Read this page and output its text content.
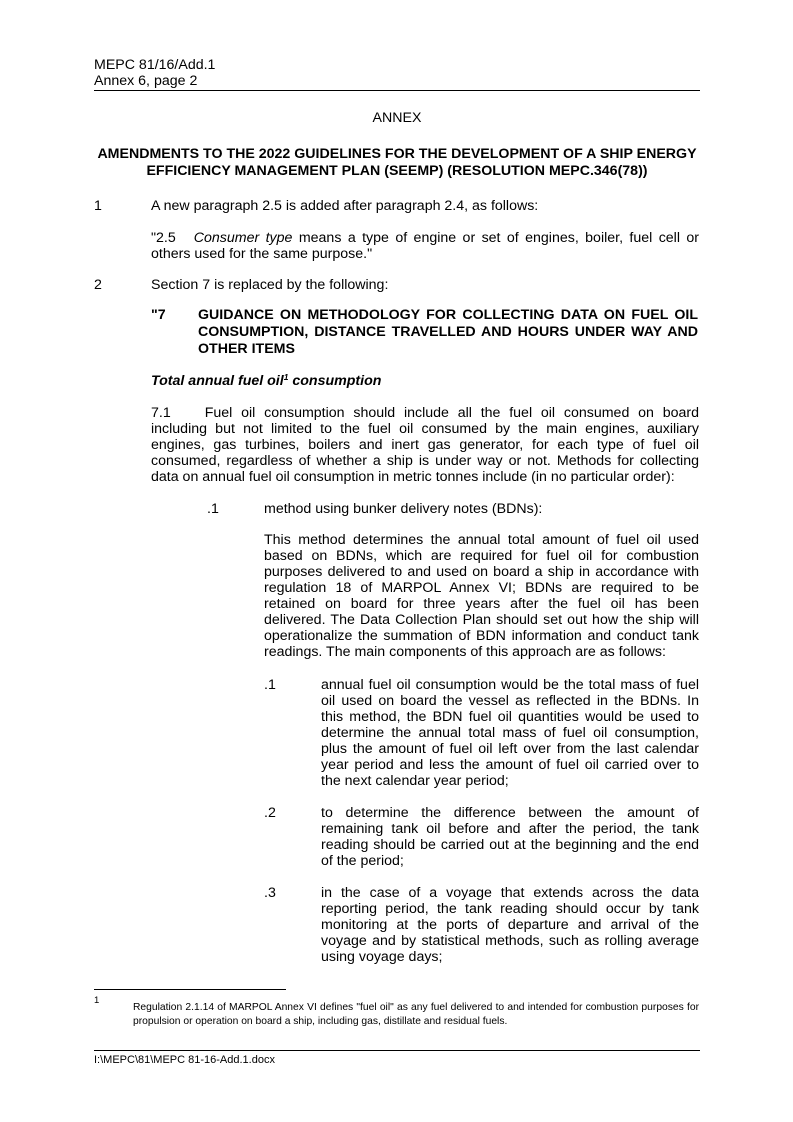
MEPC 81/16/Add.1
Annex 6, page 2
ANNEX
AMENDMENTS TO THE 2022 GUIDELINES FOR THE DEVELOPMENT OF A SHIP ENERGY EFFICIENCY MANAGEMENT PLAN (SEEMP) (RESOLUTION MEPC.346(78))
1	A new paragraph 2.5 is added after paragraph 2.4, as follows:
"2.5 Consumer type means a type of engine or set of engines, boiler, fuel cell or others used for the same purpose."
2	Section 7 is replaced by the following:
"7 GUIDANCE ON METHODOLOGY FOR COLLECTING DATA ON FUEL OIL CONSUMPTION, DISTANCE TRAVELLED AND HOURS UNDER WAY AND OTHER ITEMS
Total annual fuel oil$^1$ consumption
7.1 Fuel oil consumption should include all the fuel oil consumed on board including but not limited to the fuel oil consumed by the main engines, auxiliary engines, gas turbines, boilers and inert gas generator, for each type of fuel oil consumed, regardless of whether a ship is under way or not. Methods for collecting data on annual fuel oil consumption in metric tonnes include (in no particular order):
.1	method using bunker delivery notes (BDNs):
This method determines the annual total amount of fuel oil used based on BDNs, which are required for fuel oil for combustion purposes delivered to and used on board a ship in accordance with regulation 18 of MARPOL Annex VI; BDNs are required to be retained on board for three years after the fuel oil has been delivered. The Data Collection Plan should set out how the ship will operationalize the summation of BDN information and conduct tank readings. The main components of this approach are as follows:
.1	annual fuel oil consumption would be the total mass of fuel oil used on board the vessel as reflected in the BDNs. In this method, the BDN fuel oil quantities would be used to determine the annual total mass of fuel oil consumption, plus the amount of fuel oil left over from the last calendar year period and less the amount of fuel oil carried over to the next calendar year period;
.2	to determine the difference between the amount of remaining tank oil before and after the period, the tank reading should be carried out at the beginning and the end of the period;
.3	in the case of a voyage that extends across the data reporting period, the tank reading should occur by tank monitoring at the ports of departure and arrival of the voyage and by statistical methods, such as rolling average using voyage days;
1
Regulation 2.1.14 of MARPOL Annex VI defines "fuel oil" as any fuel delivered to and intended for combustion purposes for propulsion or operation on board a ship, including gas, distillate and residual fuels.
I:\MEPC\81\MEPC 81-16-Add.1.docx
